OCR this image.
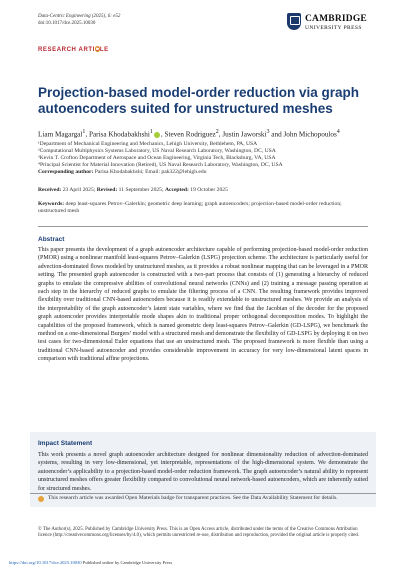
Data-Centric Engineering (2025), 6: e52
doi:10.1017/dce.2025.10030	CAMBRIDGE
UNIVERSITY PRESS
RESEARCH ARTICLE
Projection-based model-order reduction via graph autoencoders suited for unstructured meshes
Liam Magargal$^1$, Parisa Khodabakhshi$^1$ , Steven Rodriguez$^2$, Justin Jaworski$^3$ and John Michopoulos$^4$
¹Department of Mechanical Engineering and Mechanics, Lehigh University, Bethlehem, PA, USA
²Computational Multiphysics Systems Laboratory, US Naval Research Laboratory, Washington, DC, USA
³Kevin T. Crofton Department of Aerospace and Ocean Engineering, Virginia Tech, Blacksburg, VA, USA
⁴Principal Scientist for Material Innovation (Retired), US Naval Research Laboratory, Washington, DC, USA
Corresponding author: Parisa Khodabakhshi; Email: pak322@lehigh.edu
Received: 23 April 2025; Revised: 11 September 2025; Accepted: 19 October 2025
Keywords: deep least-squares Petrov–Galerkin; geometric deep learning; graph autoencoders; projection-based model-order reduction; unstructured mesh
Abstract
This paper presents the development of a graph autoencoder architecture capable of performing projection-based model-order reduction (PMOR) using a nonlinear manifold least-squares Petrov–Galerkin (LSPG) projection scheme. The architecture is particularly useful for advection-dominated flows modeled by unstructured meshes, as it provides a robust nonlinear mapping that can be leveraged in a PMOR setting. The presented graph autoencoder is constructed with a two-part process that consists of (1) generating a hierarchy of reduced graphs to emulate the compressive abilities of convolutional neural networks (CNNs) and (2) training a message passing operation at each step in the hierarchy of reduced graphs to emulate the filtering process of a CNN. The resulting framework provides improved flexibility over traditional CNN-based autoencoders because it is readily extendable to unstructured meshes. We provide an analysis of the interpretability of the graph autoencoder’s latent state variables, where we find that the Jacobian of the decoder for the proposed graph autoencoder provides interpretable mode shapes akin to traditional proper orthogonal decomposition modes. To highlight the capabilities of the proposed framework, which is named geometric deep least-squares Petrov–Galerkin (GD-LSPG), we benchmark the method on a one-dimensional Burgers’ model with a structured mesh and demonstrate the flexibility of GD-LSPG by deploying it on two test cases for two-dimensional Euler equations that use an unstructured mesh. The proposed framework is more flexible than using a traditional CNN-based autoencoder and provides considerable improvement in accuracy for very low-dimensional latent spaces in comparison with traditional affine projections.
Impact Statement
This work presents a novel graph autoencoder architecture designed for nonlinear dimensionality reduction of advection-dominated systems, resulting in very low-dimensional, yet interpretable, representations of the high-dimensional system. We demonstrate the autoencoder’s applicability to a projection-based model-order reduction framework. The graph autoencoder’s natural ability to represent unstructured meshes offers greater flexibility compared to convolutional neural network-based autoencoders, which are inherently suited for structured meshes.
This research article was awarded Open Materials badge for transparent practices. See the Data Availability Statement for details.
© The Author(s), 2025. Published by Cambridge University Press. This is an Open Access article, distributed under the terms of the Creative Commons Attribution licence (http://creativecommons.org/licenses/by/4.0), which permits unrestricted re-use, distribution and reproduction, provided the original article is properly cited.
https://doi.org/10.1017/dce.2025.10030 Published online by Cambridge University Press
